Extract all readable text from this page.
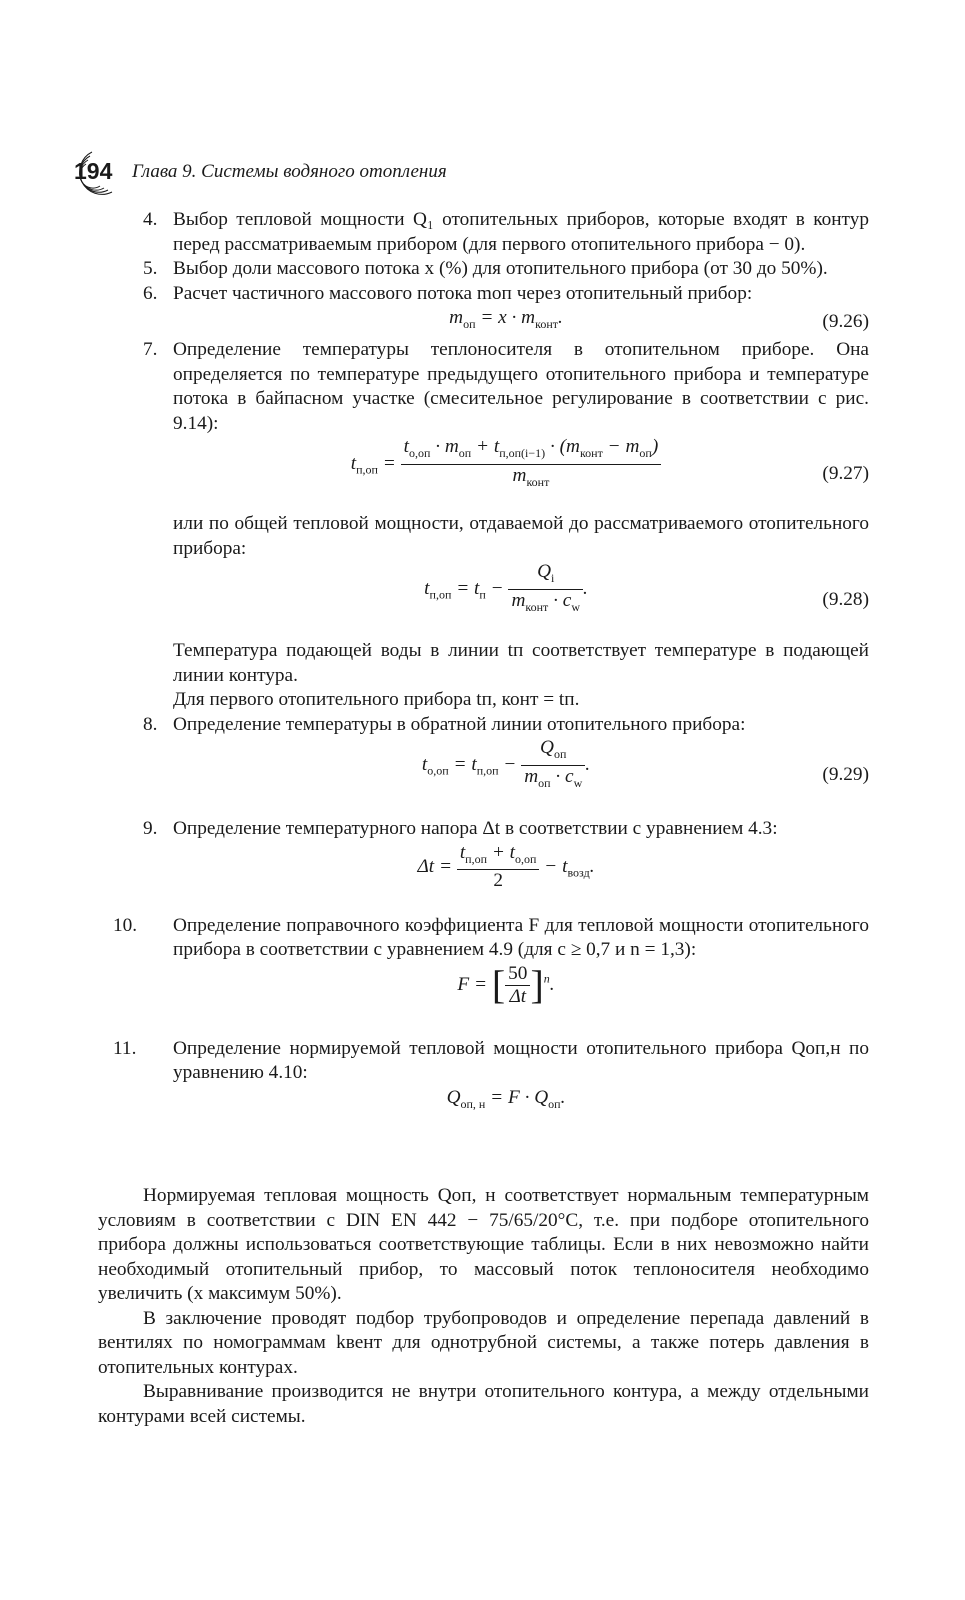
194 Глава 9. Системы водяного отопления
4. Выбор тепловой мощности Q₁ отопительных приборов, которые входят в контур перед рассматриваемым прибором (для первого отопительного прибора − 0).
5. Выбор доли массового потока x (%) для отопительного прибора (от 30 до 50%).
6. Расчет частичного массового потока mоп через отопительный прибор:
$m_{оп} = x \cdot m_{конт}$.	(9.26)
7. Определение температуры теплоносителя в отопительном приборе. Она определяется по температуре предыдущего отопительного прибора и температуре потока в байпасном участке (смесительное регулирование в соответствии с рис. 9.14):
$t_{п,оп} = \frac{t_{о,оп} \cdot m_{оп} + t_{п,оп(i-1)} \cdot (m_{конт} - m_{оп})}{m_{конт}}$	(9.27)
или по общей тепловой мощности, отдаваемой до рассматриваемого отопительного прибора:
$t_{п,оп} = t_п - \frac{Q_i}{m_{конт} \cdot c_w}$ .
(9.28)
Температура подающей воды в линии tп соответствует температуре в подающей линии контура.
Для первого отопительного прибора tп, конт = tп.
8. Определение температуры в обратной линии отопительного прибора:
$t_{о,оп} = t_{п,оп} - \frac{Q_{оп}}{m_{оп} \cdot c_w}$ .	(9.29)
9. Определение температурного напора Δt в соответствии с уравнением 4.3:
$\Delta t = \frac{t_{п,оп} + t_{о,оп}}{2} - t_{возд}$.
10. Определение поправочного коэффициента F для тепловой мощности отопительного прибора в соответствии с уравнением 4.9 (для c ≥ 0,7 и n = 1,3):
F = [ $\frac{50}{\Delta t} ]^n$.
11. Определение нормируемой тепловой мощности отопительного прибора Qоп,н по уравнению 4.10:
$Q_{оп, н} = F \cdot Q_{оп}$.

Нормируемая тепловая мощность Qоп, н соответствует нормальным температурным условиям в соответствии с DIN EN 442 − 75/65/20°C, т.е. при подборе отопительного прибора должны использоваться соответствующие таблицы. Если в них невозможно найти необходимый отопительный прибор, то массовый поток теплоносителя необходимо увеличить (x максимум 50%).

В заключение проводят подбор трубопроводов и определение перепада давлений в вентилях по номограммам kвент для однотрубной системы, а также потерь давления в отопительных контурах.

Выравнивание производится не внутри отопительного контура, а между отдельными контурами всей системы.
